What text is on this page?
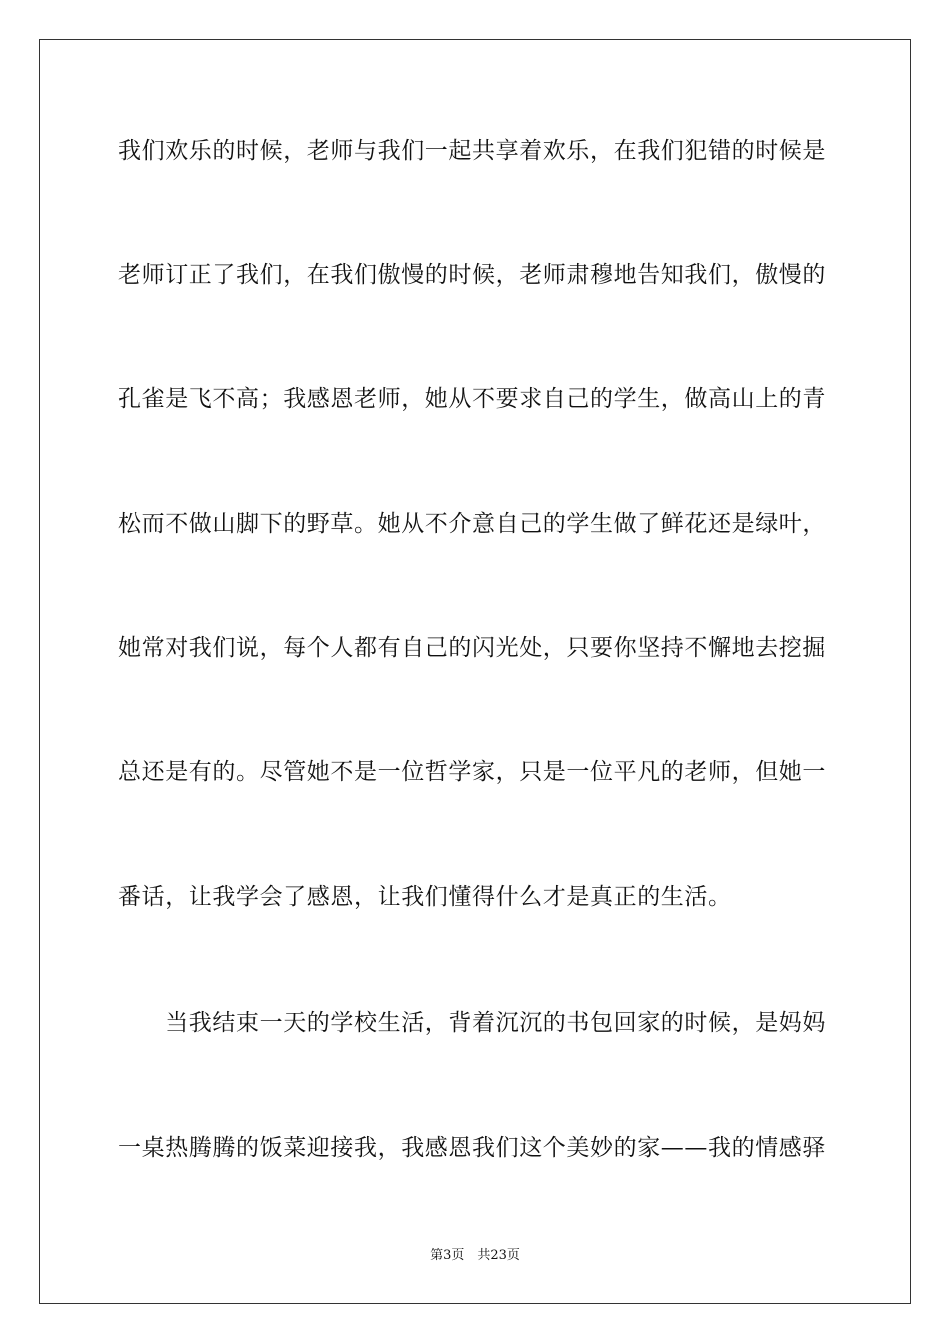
我们欢乐的时候，老师与我们一起共享着欢乐，在我们犯错的时候是
老师订正了我们，在我们傲慢的时候，老师肃穆地告知我们，傲慢的
孔雀是飞不高；我感恩老师，她从不要求自己的学生，做高山上的青
松而不做山脚下的野草。她从不介意自己的学生做了鲜花还是绿叶，
她常对我们说，每个人都有自己的闪光处，只要你坚持不懈地去挖掘
总还是有的。尽管她不是一位哲学家，只是一位平凡的老师，但她一
番话，让我学会了感恩，让我们懂得什么才是真正的生活。
　　当我结束一天的学校生活，背着沉沉的书包回家的时候，是妈妈
一桌热腾腾的饭菜迎接我，我感恩我们这个美妙的家——我的情感驿
第3页　共23页
